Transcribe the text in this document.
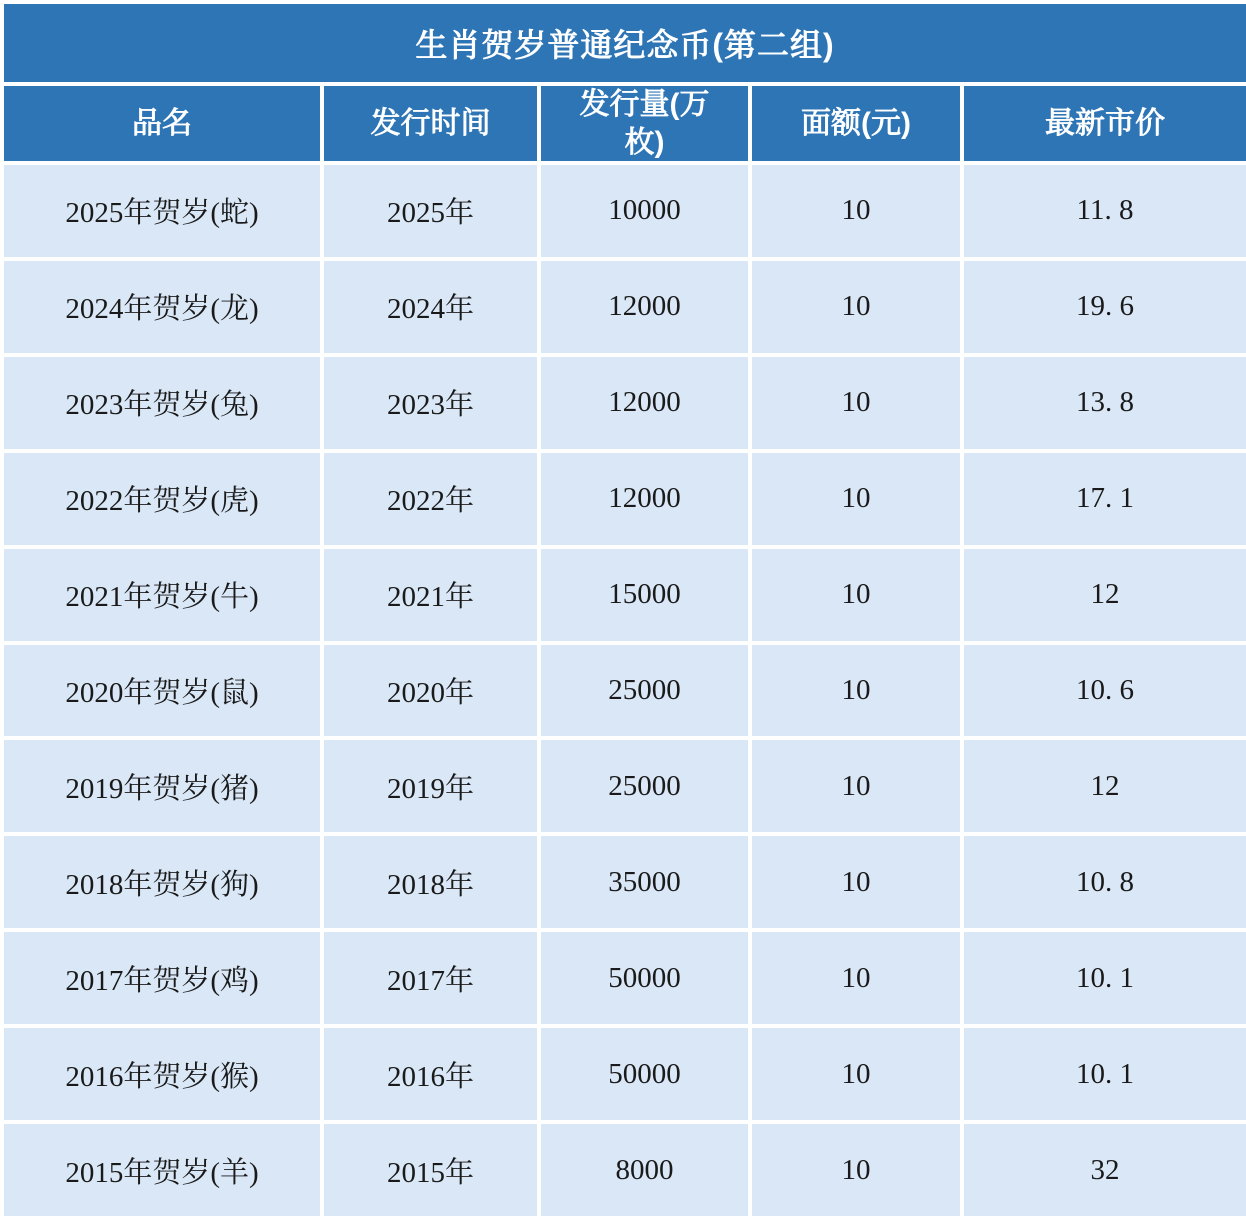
生肖贺岁普通纪念币(第二组)				
品名	发行时间	发行量(万枚)	面额(元)	最新市价
2025年贺岁(蛇)	2025年	10000	10	11. 8
2024年贺岁(龙)	2024年	12000	10	19. 6
2023年贺岁(兔)	2023年	12000	10	13. 8
2022年贺岁(虎)	2022年	12000	10	17. 1
2021年贺岁(牛)	2021年	15000	10	12
2020年贺岁(鼠)	2020年	25000	10	10. 6
2019年贺岁(猪)	2019年	25000	10	12
2018年贺岁(狗)	2018年	35000	10	10. 8
2017年贺岁(鸡)	2017年	50000	10	10. 1
2016年贺岁(猴)	2016年	50000	10	10. 1
2015年贺岁(羊)	2015年	8000	10	32
